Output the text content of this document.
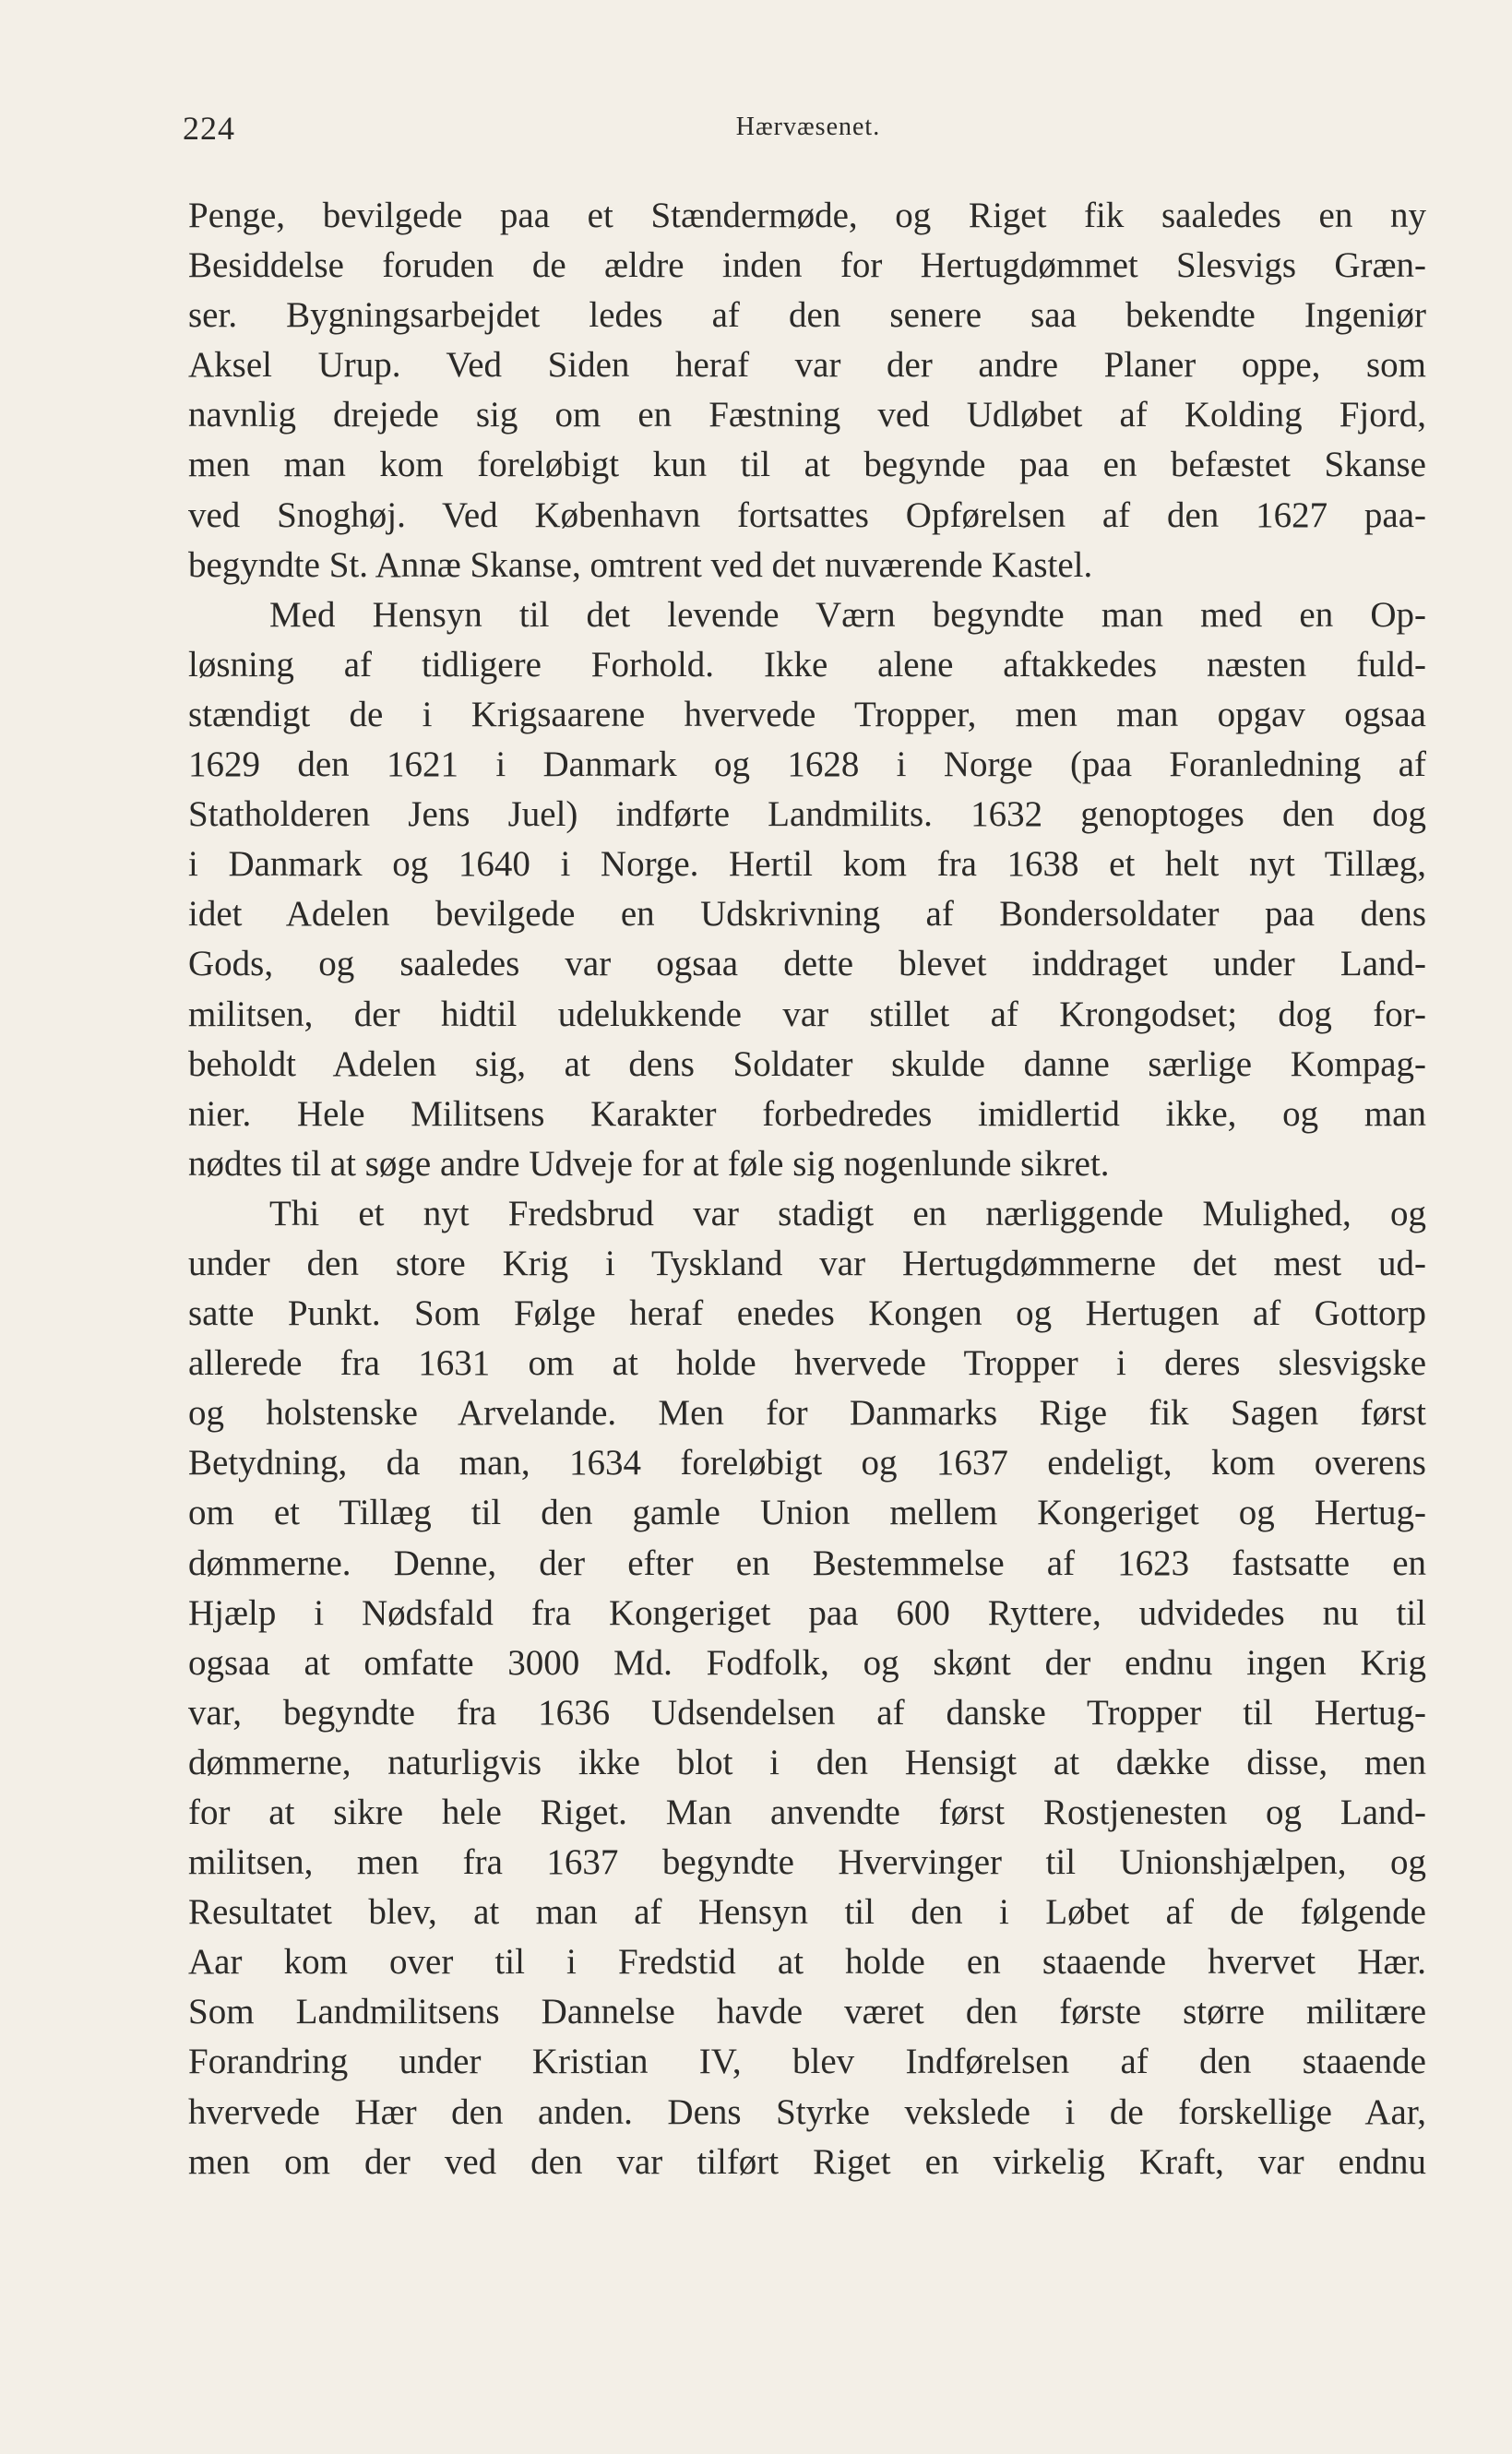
224	Hærvæsenet.
Penge, bevilgede paa et Stændermøde, og Riget fik saaledes en ny
Besiddelse foruden de ældre inden for Hertugdømmet Slesvigs Græn-
ser. Bygningsarbejdet ledes af den senere saa bekendte Ingeniør
Aksel Urup. Ved Siden heraf var der andre Planer oppe, som
navnlig drejede sig om en Fæstning ved Udløbet af Kolding Fjord,
men man kom foreløbigt kun til at begynde paa en befæstet Skanse
ved Snoghøj. Ved København fortsattes Opførelsen af den 1627 paa-
begyndte St. Annæ Skanse, omtrent ved det nuværende Kastel.
Med Hensyn til det levende Værn begyndte man med en Op-
løsning af tidligere Forhold. Ikke alene aftakkedes næsten fuld-
stændigt de i Krigsaarene hvervede Tropper, men man opgav ogsaa
1629 den 1621 i Danmark og 1628 i Norge (paa Foranledning af
Statholderen Jens Juel) indførte Landmilits. 1632 genoptoges den dog
i Danmark og 1640 i Norge. Hertil kom fra 1638 et helt nyt Tillæg,
idet Adelen bevilgede en Udskrivning af Bondersoldater paa dens
Gods, og saaledes var ogsaa dette blevet inddraget under Land-
militsen, der hidtil udelukkende var stillet af Krongodset; dog for-
beholdt Adelen sig, at dens Soldater skulde danne særlige Kompag-
nier. Hele Militsens Karakter forbedredes imidlertid ikke, og man
nødtes til at søge andre Udveje for at føle sig nogenlunde sikret.
Thi et nyt Fredsbrud var stadigt en nærliggende Mulighed, og
under den store Krig i Tyskland var Hertugdømmerne det mest ud-
satte Punkt. Som Følge heraf enedes Kongen og Hertugen af Gottorp
allerede fra 1631 om at holde hvervede Tropper i deres slesvigske
og holstenske Arvelande. Men for Danmarks Rige fik Sagen først
Betydning, da man, 1634 foreløbigt og 1637 endeligt, kom overens
om et Tillæg til den gamle Union mellem Kongeriget og Hertug-
dømmerne. Denne, der efter en Bestemmelse af 1623 fastsatte en
Hjælp i Nødsfald fra Kongeriget paa 600 Ryttere, udvidedes nu til
ogsaa at omfatte 3000 Md. Fodfolk, og skønt der endnu ingen Krig
var, begyndte fra 1636 Udsendelsen af danske Tropper til Hertug-
dømmerne, naturligvis ikke blot i den Hensigt at dække disse, men
for at sikre hele Riget. Man anvendte først Rostjenesten og Land-
militsen, men fra 1637 begyndte Hvervinger til Unionshjælpen, og
Resultatet blev, at man af Hensyn til den i Løbet af de følgende
Aar kom over til i Fredstid at holde en staaende hvervet Hær.
Som Landmilitsens Dannelse havde været den første større militære
Forandring under Kristian IV, blev Indførelsen af den staaende
hvervede Hær den anden. Dens Styrke vekslede i de forskellige Aar,
men om der ved den var tilført Riget en virkelig Kraft, var endnu
